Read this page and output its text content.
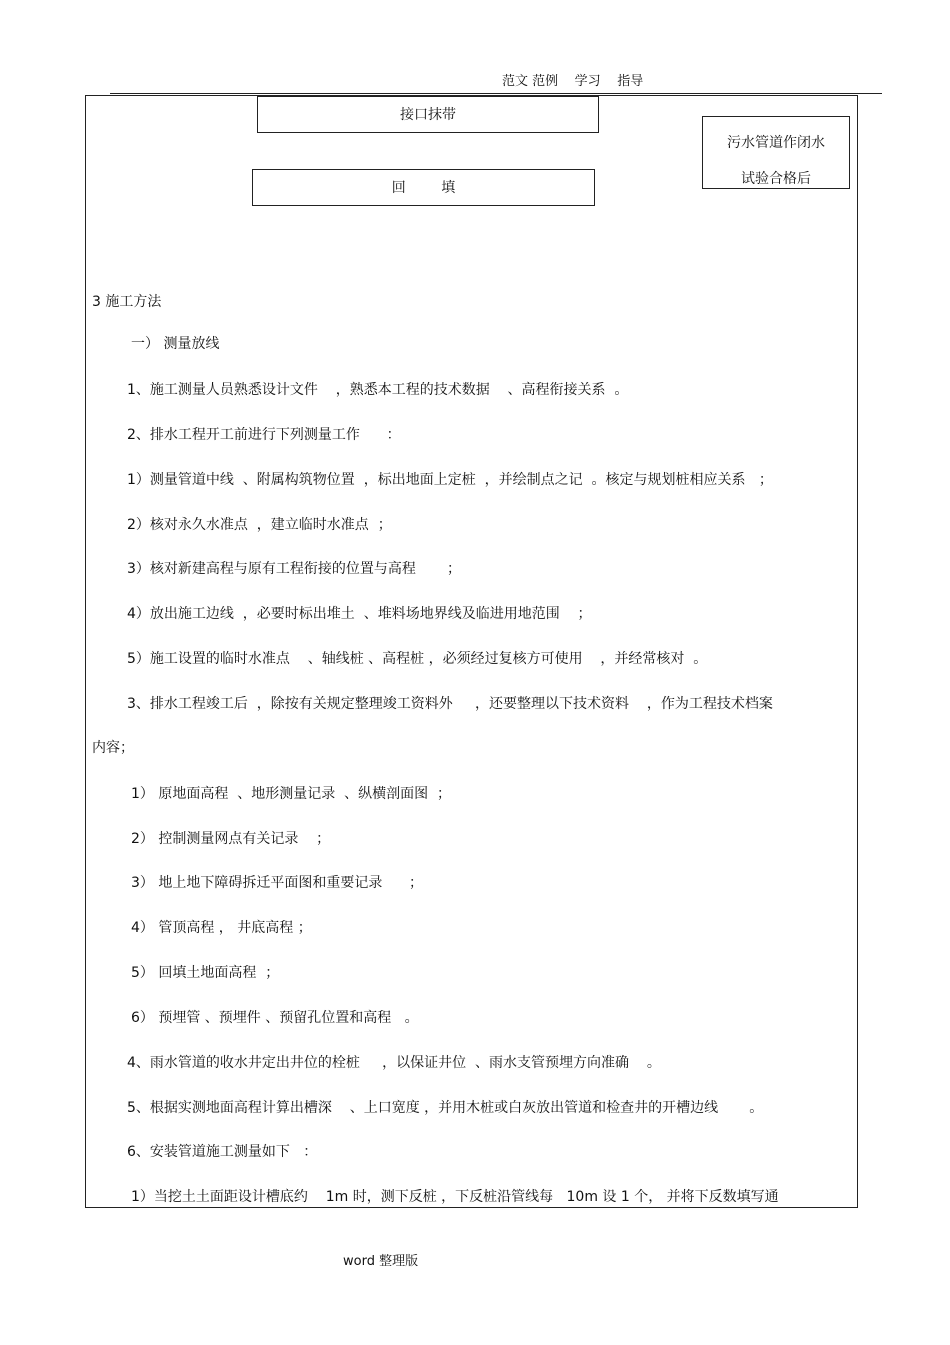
范文 范例    学习    指导
接口抹带
回        填
污水管道作闭水
试验合格后
3 施工方法
一） 测量放线
1、施工测量人员熟悉设计文件    ，熟悉本工程的技术数据    、高程衔接关系  。
2、排水工程开工前进行下列测量工作      ：
1）测量管道中线  、附属构筑物位置  ，标出地面上定桩  ，并绘制点之记  。核定与规划桩相应关系   ；
2）核对永久水准点  ，建立临时水准点  ；
3）核对新建高程与原有工程衔接的位置与高程       ；
4）放出施工边线  ，必要时标出堆土  、堆料场地界线及临进用地范围    ；
5）施工设置的临时水准点    、轴线桩 、高程桩 ，必须经过复核方可使用    ，并经常核对  。
3、排水工程竣工后  ，除按有关规定整理竣工资料外     ，还要整理以下技术资料    ，作为工程技术档案
内容；
1） 原地面高程  、地形测量记录  、纵横剖面图  ；
2） 控制测量网点有关记录    ；
3） 地上地下障碍拆迁平面图和重要记录      ；
4） 管顶高程 ， 井底高程 ；
5） 回填土地面高程  ；
6） 预埋管 、预埋件 、预留孔位置和高程   。
4、雨水管道的收水井定出井位的栓桩     ，以保证井位  、雨水支管预埋方向准确    。
5、根据实测地面高程计算出槽深    、上口宽度 ，并用木桩或白灰放出管道和检查井的开槽边线       。
6、安装管道施工测量如下   ：
1）当挖土土面距设计槽底约    1m 时，测下反桩 ，下反桩沿管线每   10m 设 1 个， 并将下反数填写通
word 整理版
